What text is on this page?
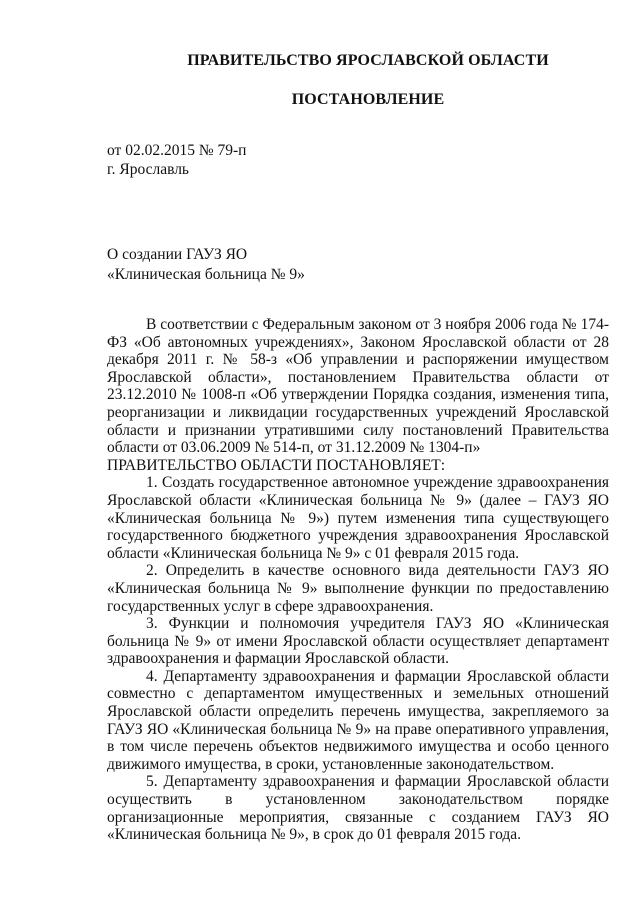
ПРАВИТЕЛЬСТВО ЯРОСЛАВСКОЙ ОБЛАСТИ
ПОСТАНОВЛЕНИЕ
от 02.02.2015 № 79-п
г. Ярославль
О создании ГАУЗ ЯО
«Клиническая больница № 9»

В соответствии с Федеральным законом от 3 ноября 2006 года № 174-ФЗ «Об автономных учреждениях», Законом Ярославской области от 28 декабря 2011 г. № 58-з «Об управлении и распоряжении имуществом Ярославской области», постановлением Правительства области от 23.12.2010 № 1008-п «Об утверждении Порядка создания, изменения типа, реорганизации и ликвидации государственных учреждений Ярославской области и признании утратившими силу постановлений Правительства области от 03.06.2009 № 514-п, от 31.12.2009 № 1304-п»

ПРАВИТЕЛЬСТВО ОБЛАСТИ ПОСТАНОВЛЯЕТ:

1. Создать государственное автономное учреждение здравоохранения Ярославской области «Клиническая больница № 9» (далее – ГАУЗ ЯО «Клиническая больница № 9») путем изменения типа существующего государственного бюджетного учреждения здравоохранения Ярославской области «Клиническая больница № 9» с 01 февраля 2015 года.

2. Определить в качестве основного вида деятельности ГАУЗ ЯО «Клиническая больница № 9» выполнение функции по предоставлению государственных услуг в сфере здравоохранения.

3. Функции и полномочия учредителя ГАУЗ ЯО «Клиническая больница № 9» от имени Ярославской области осуществляет департамент здравоохранения и фармации Ярославской области.

4. Департаменту здравоохранения и фармации Ярославской области совместно с департаментом имущественных и земельных отношений Ярославской области определить перечень имущества, закрепляемого за ГАУЗ ЯО «Клиническая больница № 9» на праве оперативного управления, в том числе перечень объектов недвижимого имущества и особо ценного движимого имущества, в сроки, установленные законодательством.

5. Департаменту здравоохранения и фармации Ярославской области осуществить в установленном законодательством порядке организационные мероприятия, связанные с созданием ГАУЗ ЯО «Клиническая больница № 9», в срок до 01 февраля 2015 года.
